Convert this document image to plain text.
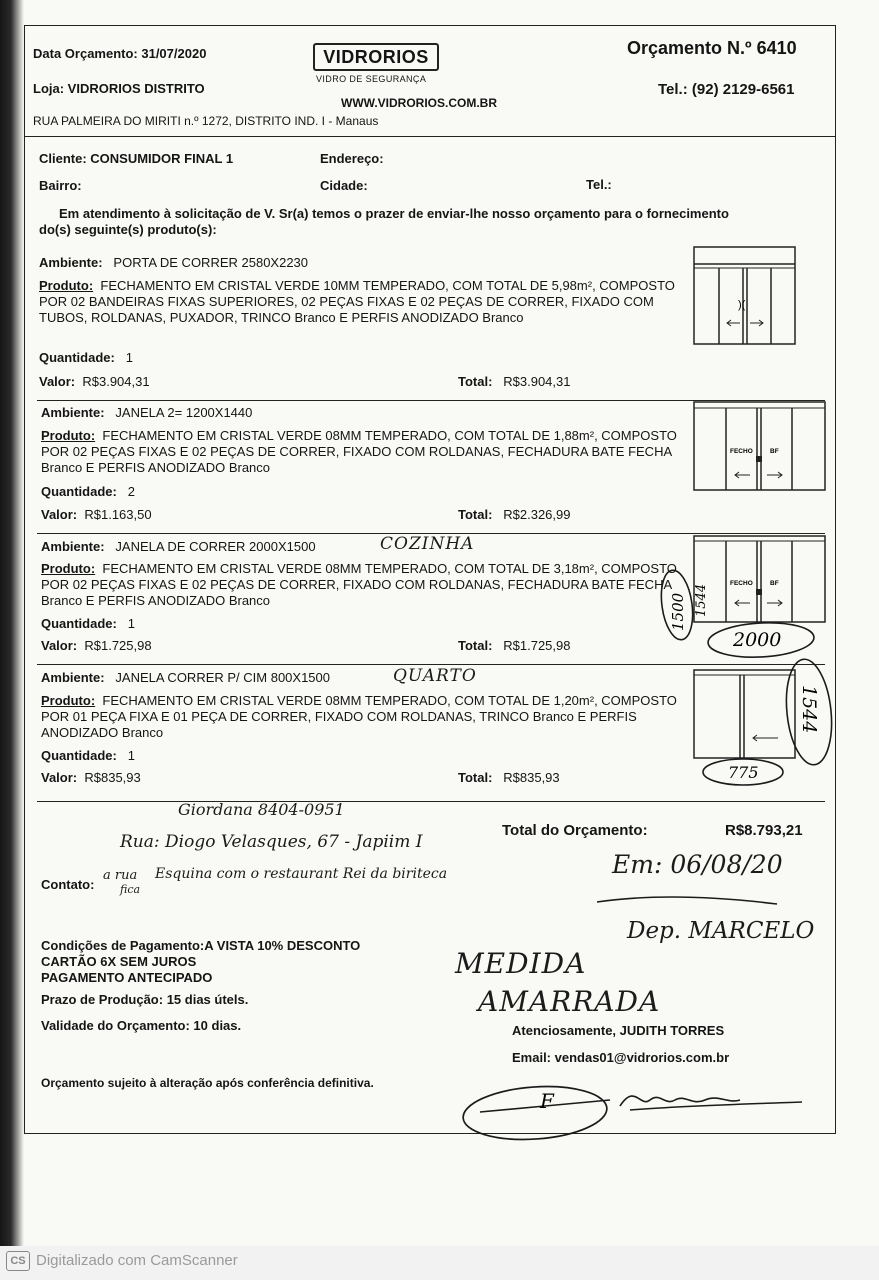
Data Orçamento: 31/07/2020	VIDRORIOS
VIDRO DE SEGURANÇA
Orçamento N.º 6410
Loja: VIDRORIOS DISTRITO	Tel.: (92) 2129-6561
WWW.VIDRORIOS.COM.BR
RUA PALMEIRA DO MIRITI n.º 1272, DISTRITO IND. I - Manaus
Cliente: CONSUMIDOR FINAL 1	Endereço:
Bairro:	Cidade:	Tel.:
Em atendimento à solicitação de V. Sr(a) temos o prazer de enviar-lhe nosso orçamento para o fornecimento do(s) seguinte(s) produto(s):
Ambiente: PORTA DE CORRER 2580X2230
Produto: FECHAMENTO EM CRISTAL VERDE 10MM TEMPERADO, COM TOTAL DE 5,98m², COMPOSTO POR 02 BANDEIRAS FIXAS SUPERIORES, 02 PEÇAS FIXAS E 02 PEÇAS DE CORRER, FIXADO COM TUBOS, ROLDANAS, PUXADOR, TRINCO Branco E PERFIS ANODIZADO Branco
Quantidade: 1
Valor: R$3.904,31	Total: R$3.904,31
)(
Ambiente: JANELA 2= 1200X1440
Produto: FECHAMENTO EM CRISTAL VERDE 08MM TEMPERADO, COM TOTAL DE 1,88m², COMPOSTO POR 02 PEÇAS FIXAS E 02 PEÇAS DE CORRER, FIXADO COM ROLDANAS, FECHADURA BATE FECHA Branco E PERFIS ANODIZADO Branco
Quantidade: 2
Valor: R$1.163,50	Total: R$2.326,99
FECHO	BF
Ambiente: JANELA DE CORRER 2000X1500	COZINHA
Produto: FECHAMENTO EM CRISTAL VERDE 08MM TEMPERADO, COM TOTAL DE 3,18m², COMPOSTO POR 02 PEÇAS FIXAS E 02 PEÇAS DE CORRER, FIXADO COM ROLDANAS, FECHADURA BATE FECHA Branco E PERFIS ANODIZADO Branco
Quantidade: 1
Valor: R$1.725,98	Total: R$1.725,98
FECHO	BF
1500 1544
2000
Ambiente: JANELA CORRER P/ CIM 800X1500	QUARTO
Produto: FECHAMENTO EM CRISTAL VERDE 08MM TEMPERADO, COM TOTAL DE 1,20m², COMPOSTO POR 01 PEÇA FIXA E 01 PEÇA DE CORRER, FIXADO COM ROLDANAS, TRINCO Branco E PERFIS ANODIZADO Branco
Quantidade: 1
Valor: R$835,93	Total: R$835,93
1544
775
Giordana 8404-0951
Rua: Diogo Velasques, 67 - Japiim I
Total do Orçamento:	R$8.793,21
Contato:
a rua
fica
Esquina com o restaurant Rei da biriteca	Em: 06/08/20
Dep. MARCELO
Condições de Pagamento:A VISTA 10% DESCONTO
CARTÃO 6X SEM JUROS
PAGAMENTO ANTECIPADO
Prazo de Produção: 15 dias útels.
Validade do Orçamento: 10 dias.
MEDIDA
AMARRADA
Atenciosamente, JUDITH TORRES
Email: vendas01@vidrorios.com.br
Orçamento sujeito à alteração após conferência definitiva.
F
CS Digitalizado com CamScanner
